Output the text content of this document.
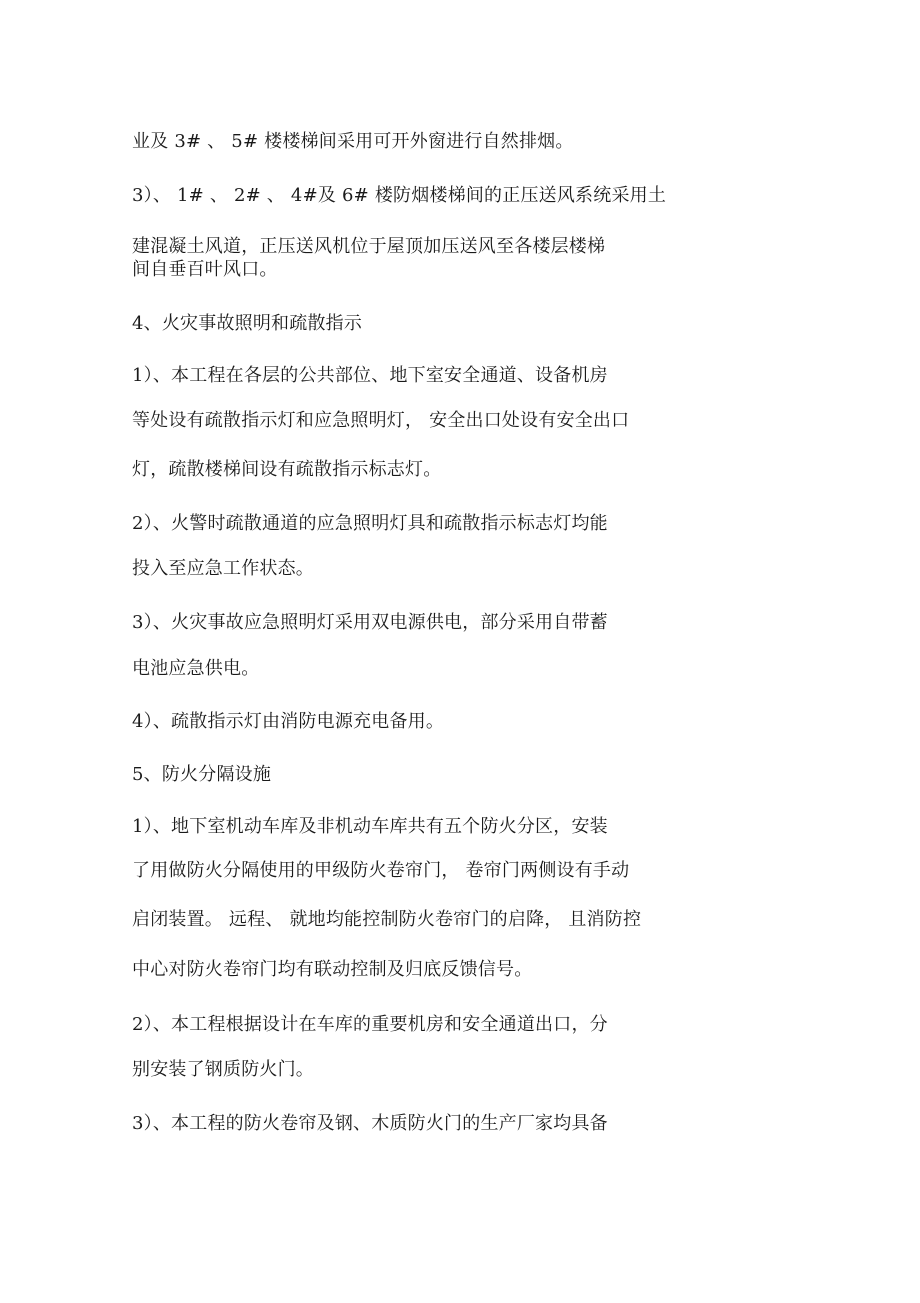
业及 3# 、 5# 楼楼梯间采用可开外窗进行自然排烟。
3）、 1# 、 2# 、 4#及 6# 楼防烟楼梯间的正压送风系统采用土
建混凝土风道，正压送风机位于屋顶加压送风至各楼层楼梯
间自垂百叶风口。
4、火灾事故照明和疏散指示
1）、本工程在各层的公共部位、地下室安全通道、设备机房
等处设有疏散指示灯和应急照明灯， 安全出口处设有安全出口
灯，疏散楼梯间设有疏散指示标志灯。
2）、火警时疏散通道的应急照明灯具和疏散指示标志灯均能
投入至应急工作状态。
3）、火灾事故应急照明灯采用双电源供电，部分采用自带蓄
电池应急供电。
4）、疏散指示灯由消防电源充电备用。
5、防火分隔设施
1）、地下室机动车库及非机动车库共有五个防火分区，安装
了用做防火分隔使用的甲级防火卷帘门， 卷帘门两侧设有手动
启闭装置。 远程、 就地均能控制防火卷帘门的启降， 且消防控
中心对防火卷帘门均有联动控制及归底反馈信号。
2）、本工程根据设计在车库的重要机房和安全通道出口，分
别安装了钢质防火门。
3）、本工程的防火卷帘及钢、木质防火门的生产厂家均具备
